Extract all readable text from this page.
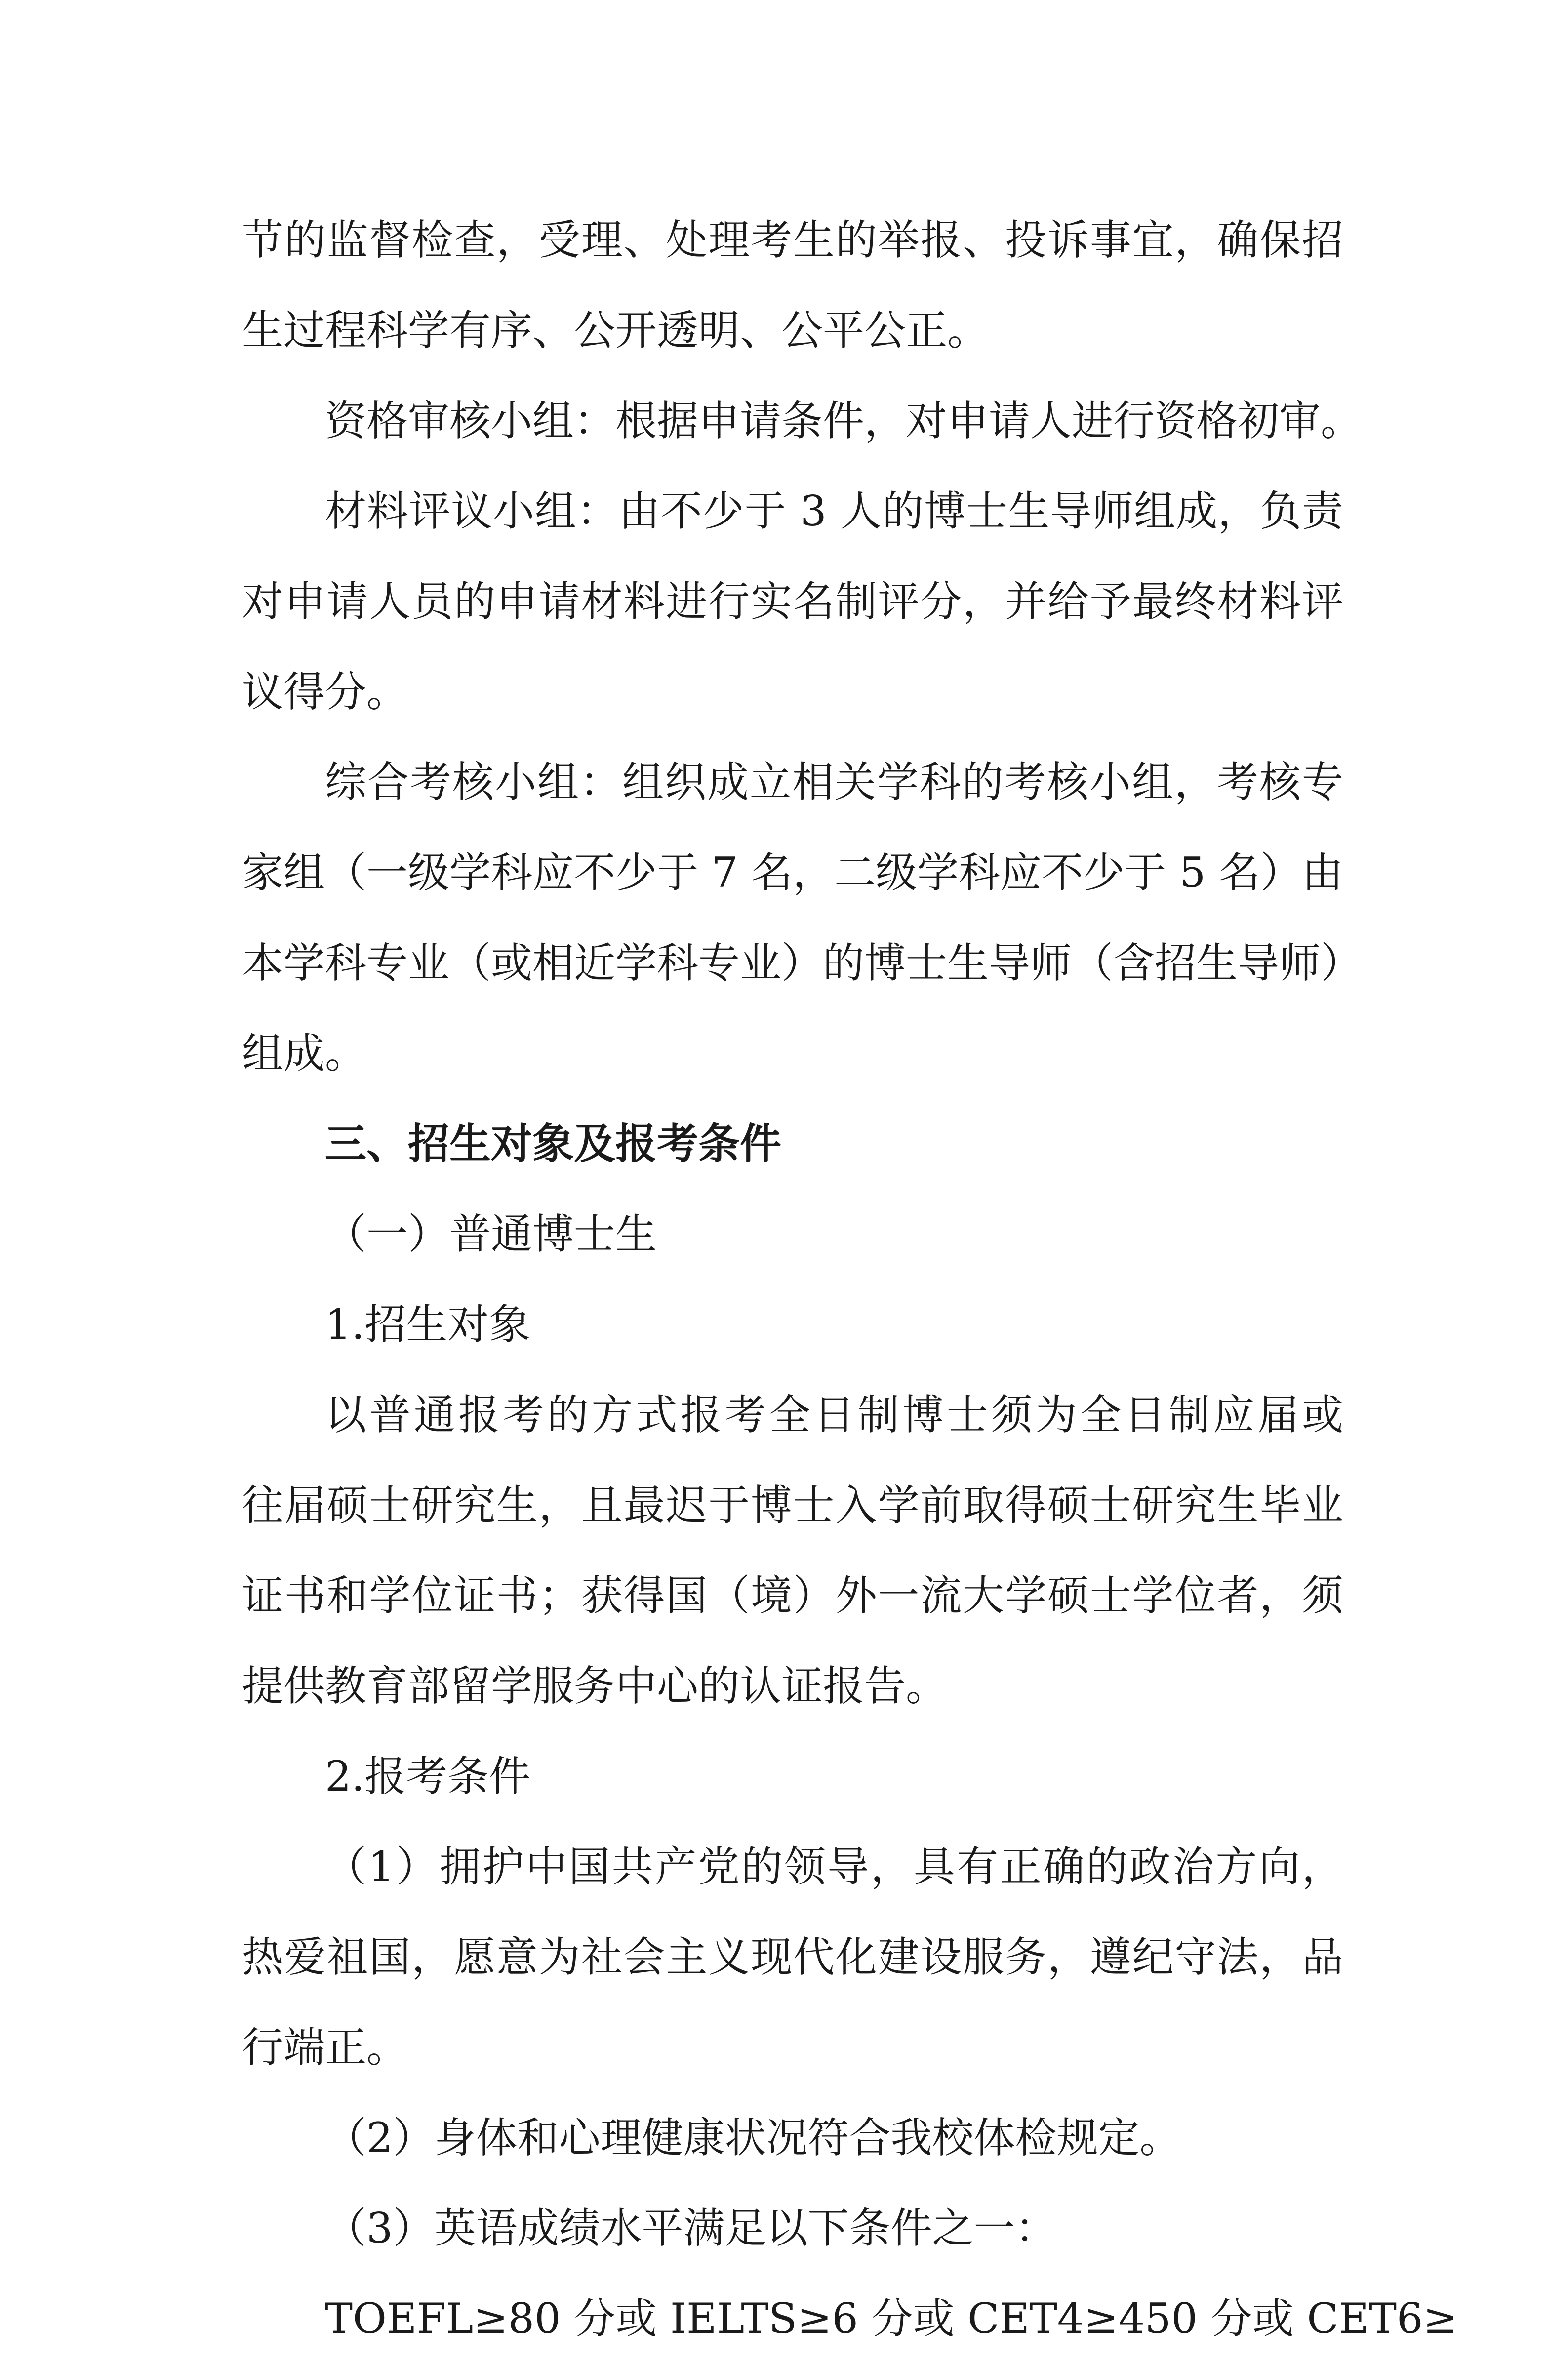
节的监督检查，受理、处理考生的举报、投诉事宜，确保招
生过程科学有序、公开透明、公平公正。
资格审核小组：根据申请条件，对申请人进行资格初审。
材料评议小组：由不少于 3 人的博士生导师组成，负责
对申请人员的申请材料进行实名制评分，并给予最终材料评
议得分。
综合考核小组：组织成立相关学科的考核小组，考核专
家组（一级学科应不少于 7 名，二级学科应不少于 5 名）由
本学科专业（或相近学科专业）的博士生导师（含招生导师）
组成。
三、招生对象及报考条件
（一）普通博士生
1.招生对象
以普通报考的方式报考全日制博士须为全日制应届或
往届硕士研究生，且最迟于博士入学前取得硕士研究生毕业
证书和学位证书；获得国（境）外一流大学硕士学位者，须
提供教育部留学服务中心的认证报告。
2.报考条件
（1）拥护中国共产党的领导，具有正确的政治方向，
热爱祖国，愿意为社会主义现代化建设服务，遵纪守法，品
行端正。
（2）身体和心理健康状况符合我校体检规定。
（3）英语成绩水平满足以下条件之一：
TOEFL≥80 分或 IELTS≥6 分或 CET4≥450 分或 CET6≥
